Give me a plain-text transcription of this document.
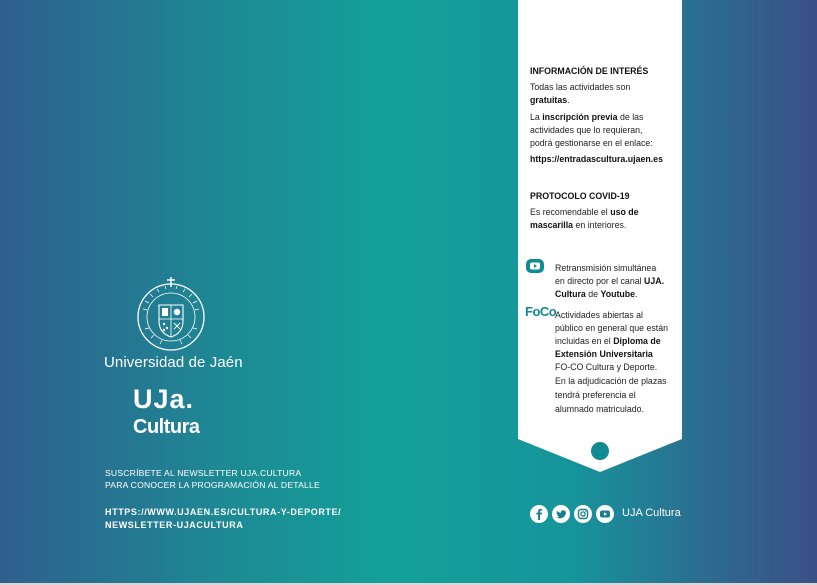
Universidad de Jaén
UJa.
Cultura
SUSCRÍBETE AL NEWSLETTER UJA.CULTURA
PARA CONOCER LA PROGRAMACIÓN AL DETALLE
HTTPS://WWW.UJAEN.ES/CULTURA-Y-DEPORTE/
NEWSLETTER-UJACULTURA
INFORMACIÓN DE INTERÉS
Todas las actividades son
gratuitas.
La inscripción previa de las
actividades que lo requieran,
podrá gestionarse en el enlace:
https://entradascultura.ujaen.es
PROTOCOLO COVID-19
Es recomendable el uso de
mascarilla en interiores.
Retransmisión simultánea
en directo por el canal UJA.
Cultura de Youtube.
FoCo
Actividades abiertas al
público en general que están
incluidas en el Diploma de
Extensión Universitaria
FO-CO Cultura y Deporte.
En la adjudicación de plazas
tendrá preferencia el
alumnado matriculado.
UJA Cultura
